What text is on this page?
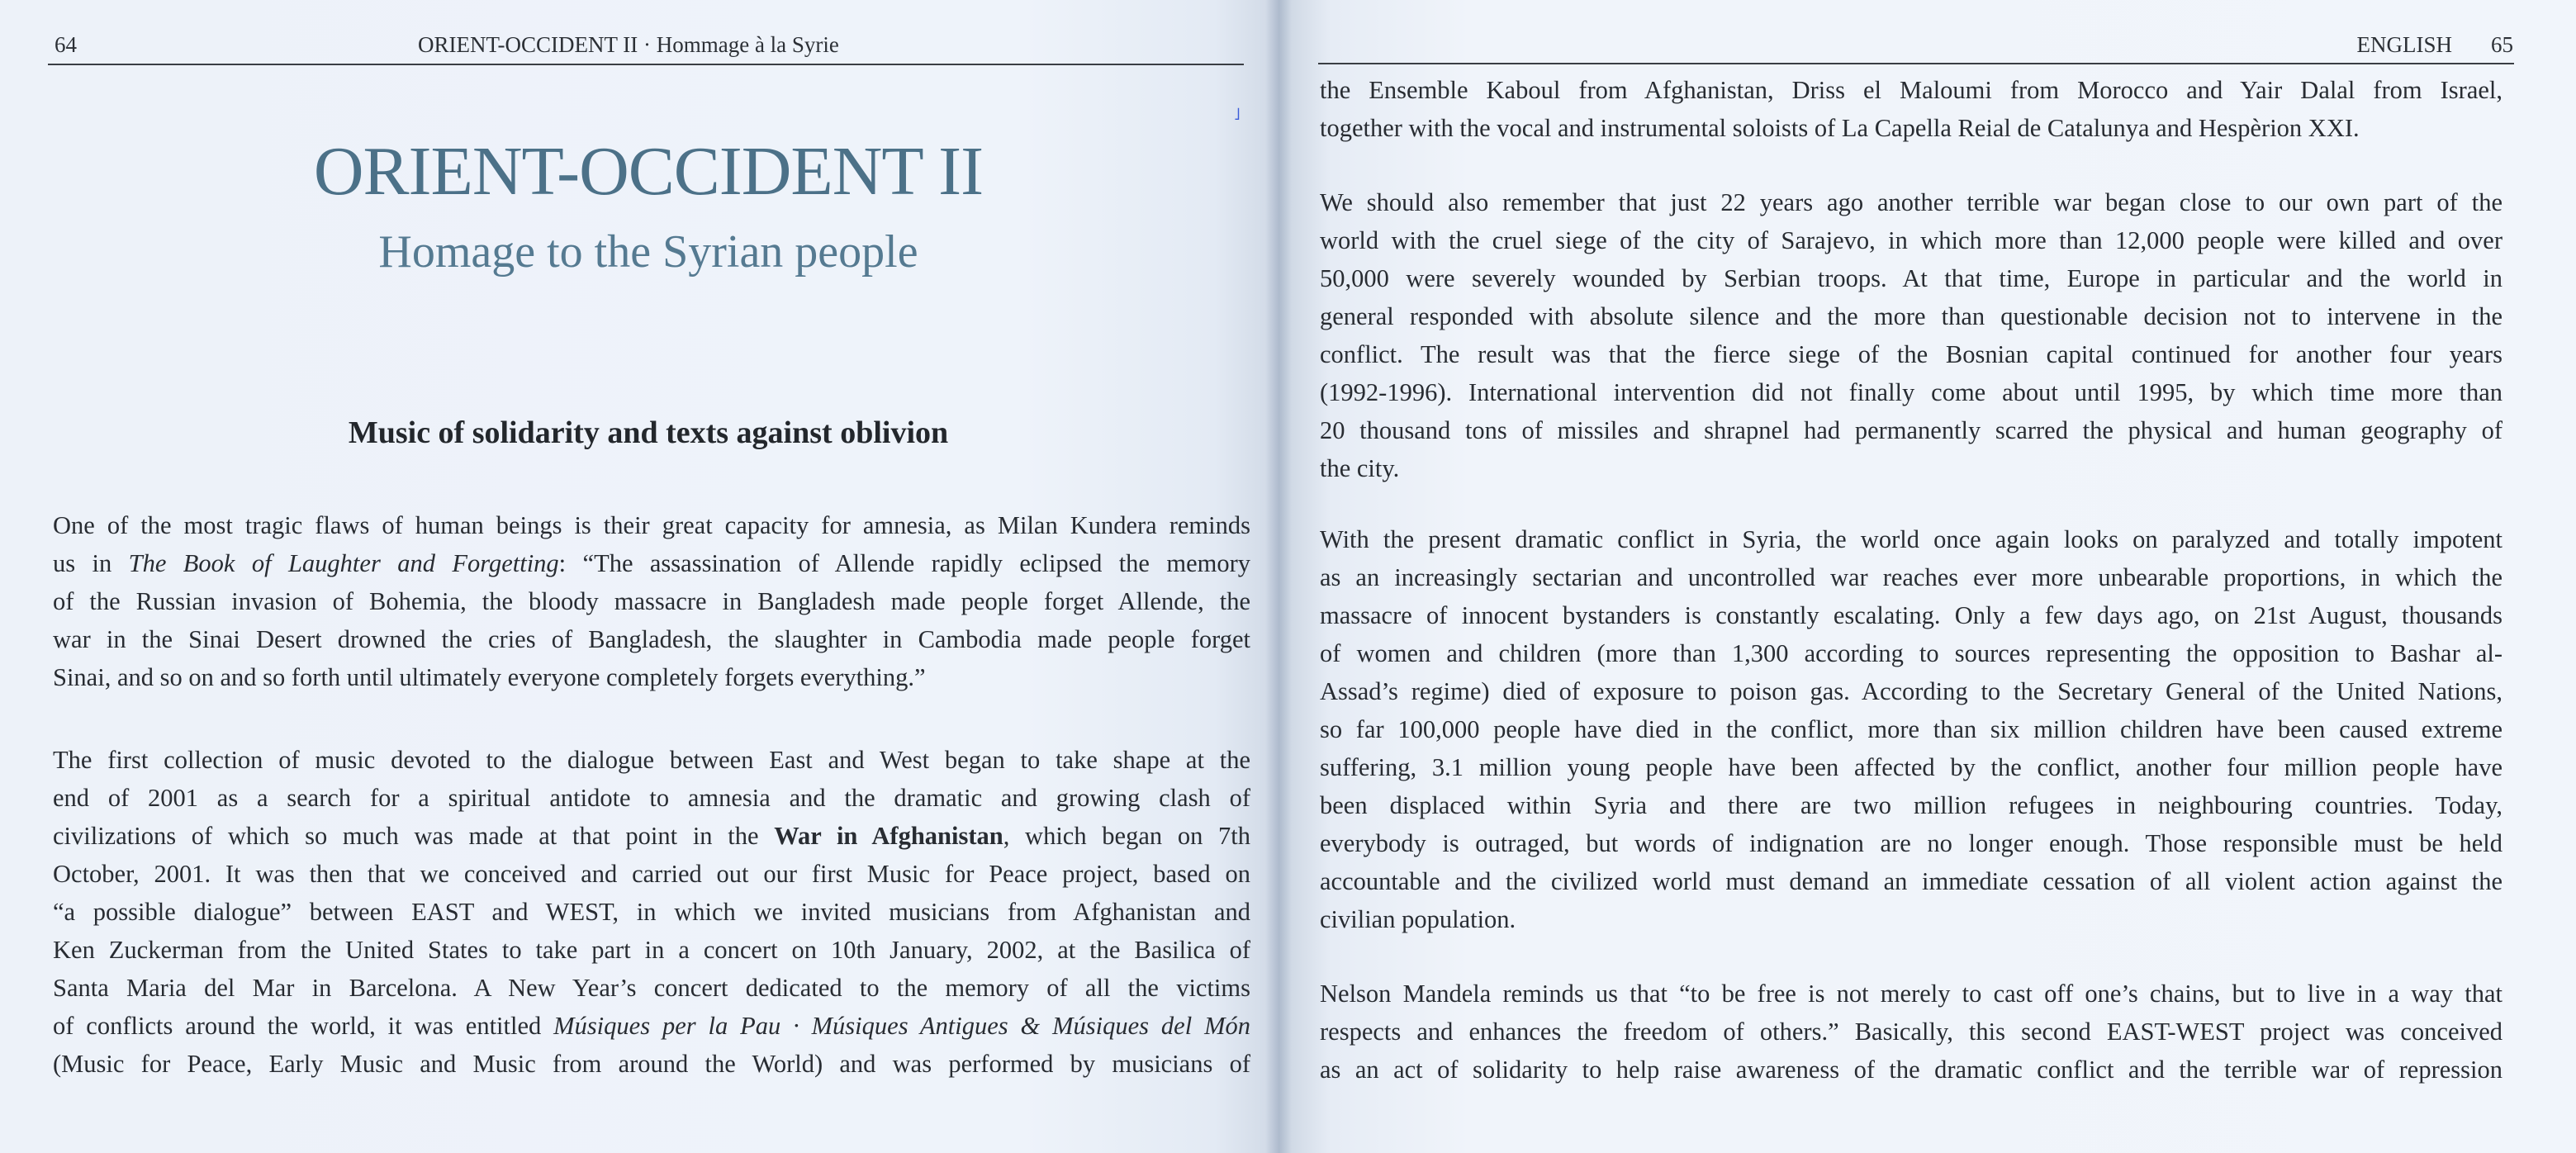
64	ORIENT-OCCIDENT II · Hommage à la Syrie
˩
ORIENT-OCCIDENT II
Homage to the Syrian people
Music of solidarity and texts against oblivion
One of the most tragic flaws of human beings is their great capacity for amnesia, as Milan Kundera reminds
us in The Book of Laughter and Forgetting: “The assassination of Allende rapidly eclipsed the memory
of the Russian invasion of Bohemia, the bloody massacre in Bangladesh made people forget Allende, the
war in the Sinai Desert drowned the cries of Bangladesh, the slaughter in Cambodia made people forget
Sinai, and so on and so forth until ultimately everyone completely forgets everything.”
The first collection of music devoted to the dialogue between East and West began to take shape at the
end of 2001 as a search for a spiritual antidote to amnesia and the dramatic and growing clash of
civilizations of which so much was made at that point in the War in Afghanistan, which began on 7th
October, 2001. It was then that we conceived and carried out our first Music for Peace project, based on
“a possible dialogue” between EAST and WEST, in which we invited musicians from Afghanistan and
Ken Zuckerman from the United States to take part in a concert on 10th January, 2002, at the Basilica of
Santa Maria del Mar in Barcelona. A New Year’s concert dedicated to the memory of all the victims
of conflicts around the world, it was entitled Músiques per la Pau · Músiques Antigues & Músiques del Món
(Music for Peace, Early Music and Music from around the World) and was performed by musicians of
ENGLISH 65
the Ensemble Kaboul from Afghanistan, Driss el Maloumi from Morocco and Yair Dalal from Israel,
together with the vocal and instrumental soloists of La Capella Reial de Catalunya and Hespèrion XXI.
We should also remember that just 22 years ago another terrible war began close to our own part of the
world with the cruel siege of the city of Sarajevo, in which more than 12,000 people were killed and over
50,000 were severely wounded by Serbian troops. At that time, Europe in particular and the world in
general responded with absolute silence and the more than questionable decision not to intervene in the
conflict. The result was that the fierce siege of the Bosnian capital continued for another four years
(1992-1996). International intervention did not finally come about until 1995, by which time more than
20 thousand tons of missiles and shrapnel had permanently scarred the physical and human geography of
the city.
With the present dramatic conflict in Syria, the world once again looks on paralyzed and totally impotent
as an increasingly sectarian and uncontrolled war reaches ever more unbearable proportions, in which the
massacre of innocent bystanders is constantly escalating. Only a few days ago, on 21st August, thousands
of women and children (more than 1,300 according to sources representing the opposition to Bashar al-
Assad’s regime) died of exposure to poison gas. According to the Secretary General of the United Nations,
so far 100,000 people have died in the conflict, more than six million children have been caused extreme
suffering, 3.1 million young people have been affected by the conflict, another four million people have
been displaced within Syria and there are two million refugees in neighbouring countries. Today,
everybody is outraged, but words of indignation are no longer enough. Those responsible must be held
accountable and the civilized world must demand an immediate cessation of all violent action against the
civilian population.
Nelson Mandela reminds us that “to be free is not merely to cast off one’s chains, but to live in a way that
respects and enhances the freedom of others.” Basically, this second EAST-WEST project was conceived
as an act of solidarity to help raise awareness of the dramatic conflict and the terrible war of repression
